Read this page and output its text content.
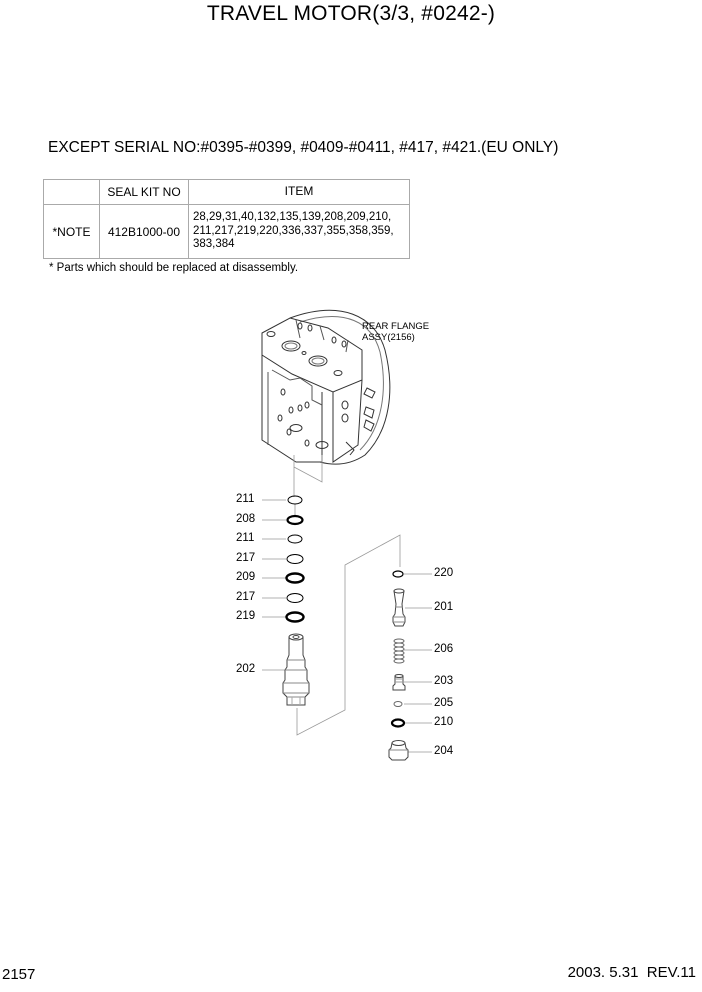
TRAVEL MOTOR(3/3, #0242-)
EXCEPT SERIAL NO:#0395-#0399, #0409-#0411, #417, #421.(EU ONLY)
	SEAL KIT NO	ITEM
*NOTE	412B1000-00	28,29,31,40,132,135,139,208,209,210,
211,217,219,220,336,337,355,358,359,
383,384
* Parts which should be replaced at disassembly.
REAR FLANGE
ASSY(2156)
211
208
211
217
209
217
219
202
220
201
206
203
205
210
204
2157	2003. 5.31  REV.11
